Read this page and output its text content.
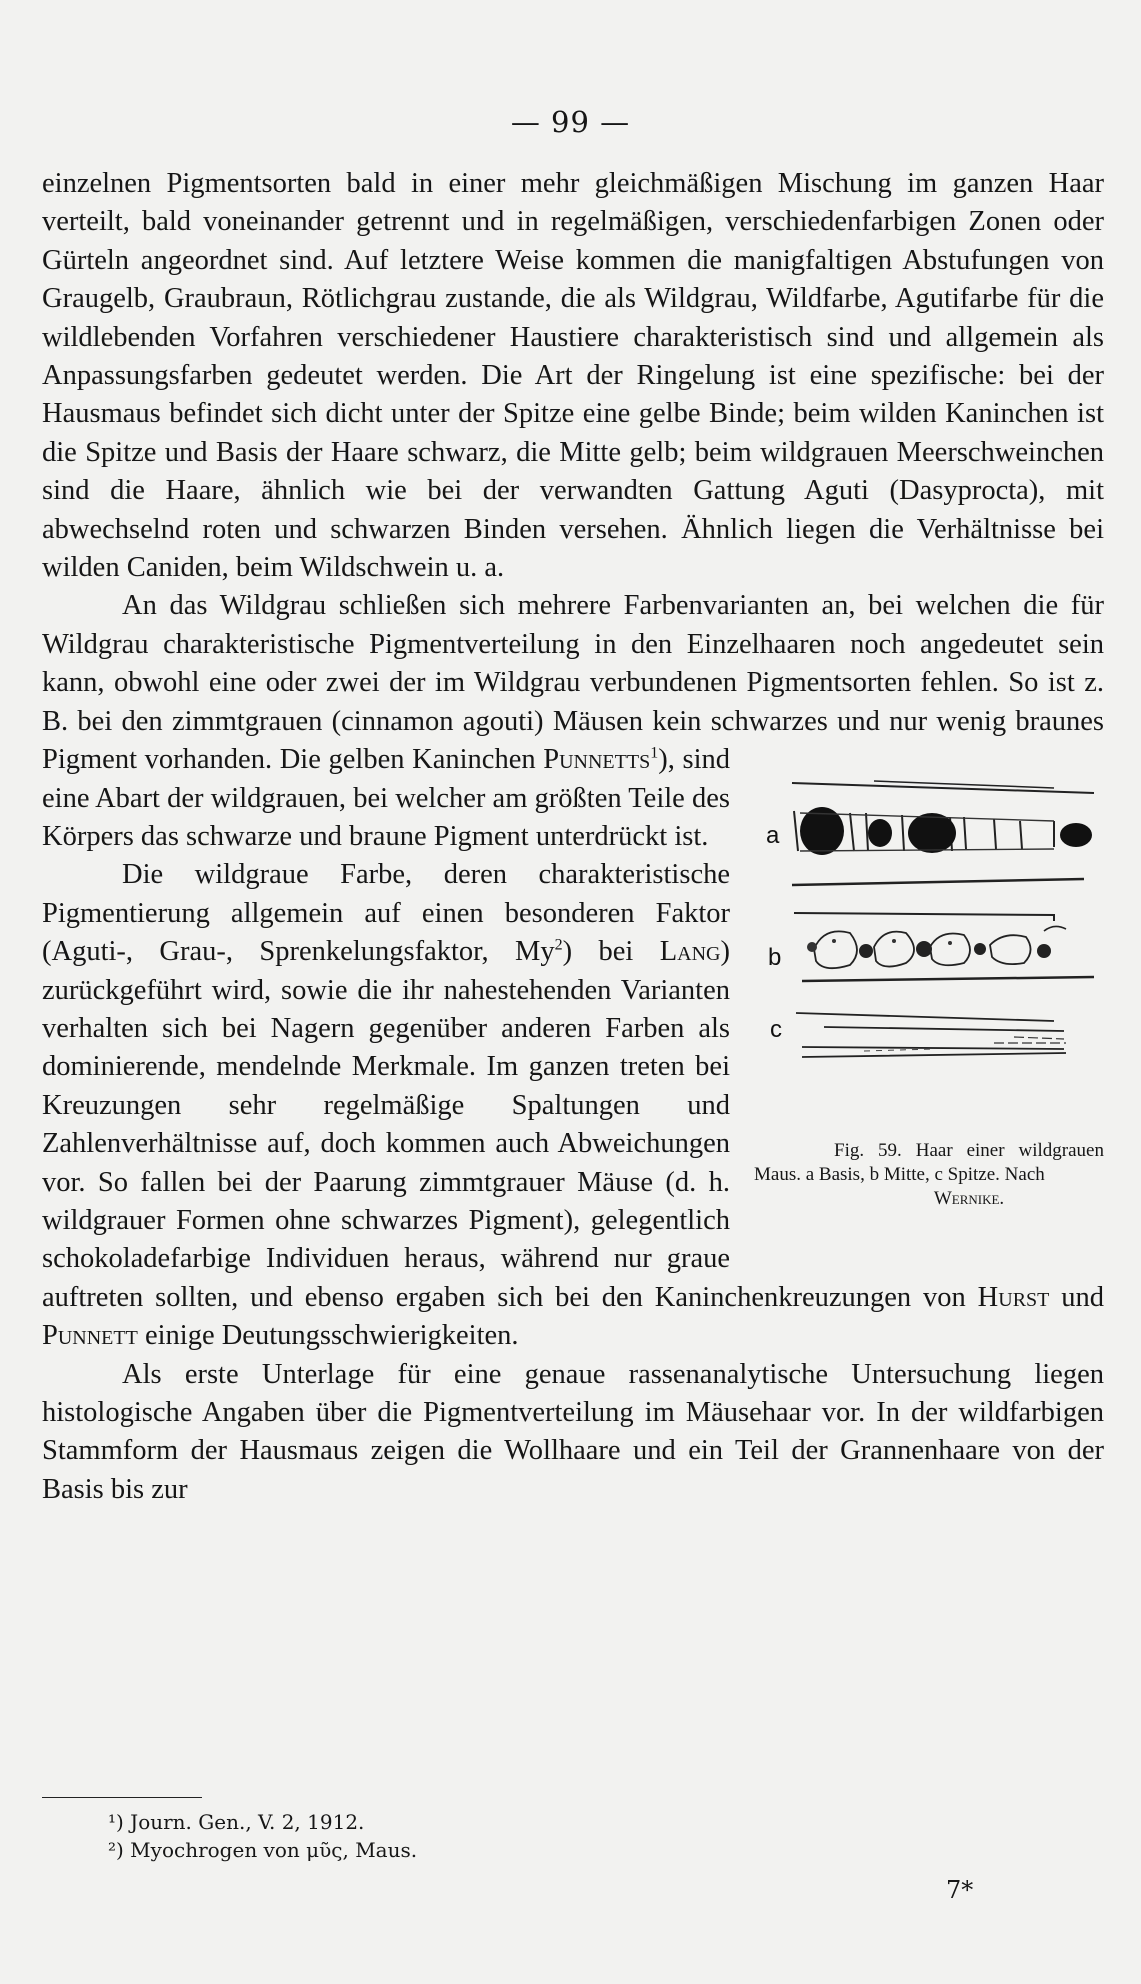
— 99 —

einzelnen Pigmentsorten bald in einer mehr gleichmäßigen Mischung im ganzen Haar verteilt, bald voneinander getrennt und in regelmäßigen, verschiedenfarbigen Zonen oder Gürteln angeordnet sind. Auf letztere Weise kommen die manigfaltigen Abstufungen von Graugelb, Graubraun, Rötlichgrau zustande, die als Wildgrau, Wildfarbe, Agutifarbe für die wildlebenden Vorfahren verschiedener Haustiere charakteristisch sind und allgemein als Anpassungsfarben gedeutet werden. Die Art der Ringelung ist eine spezifische: bei der Hausmaus befindet sich dicht unter der Spitze eine gelbe Binde; beim wilden Kaninchen ist die Spitze und Basis der Haare schwarz, die Mitte gelb; beim wildgrauen Meerschweinchen sind die Haare, ähnlich wie bei der verwandten Gattung Aguti (Dasyprocta), mit abwechselnd roten und schwarzen Binden versehen. Ähnlich liegen die Verhältnisse bei wilden Caniden, beim Wildschwein u. a.

An das Wildgrau schließen sich mehrere Farbenvarianten an, bei welchen die für Wildgrau charakteristische Pigmentverteilung in den Einzelhaaren noch angedeutet sein kann, obwohl eine oder zwei der im Wildgrau verbundenen Pigmentsorten fehlen. So ist z. B. bei den zimmtgrauen (cinnamon agouti) Mäusen kein schwarzes und nur wenig braunes Pigment vorhanden. Die gelben Kaninchen
a
b
c
Fig. 59. Haar einer wildgrauen Maus. a Basis, b Mitte, c Spitze. Nach
Wernike.
Punnetts$^1$), sind eine Abart der wildgrauen, bei welcher am größten Teile des Körpers das schwarze und braune Pigment unterdrückt ist.

Die wildgraue Farbe, deren charakteristische Pigmentierung allgemein auf einen besonderen Faktor (Aguti-, Grau-, Sprenkelungsfaktor, My$^2$) bei Lang) zurückgeführt wird, sowie die ihr nahestehenden Varianten verhalten sich bei Nagern gegenüber anderen Farben als dominierende, mendelnde Merkmale. Im ganzen treten bei Kreuzungen sehr regelmäßige Spaltungen und Zahlenverhältnisse auf, doch kommen auch Abweichungen vor. So fallen bei der Paarung zimmtgrauer Mäuse (d. h. wildgrauer Formen ohne schwarzes Pigment), gelegentlich schokoladefarbige Individuen heraus, während nur graue auftreten sollten, und ebenso ergaben sich bei den Kaninchenkreuzungen von Hurst und Punnett einige Deutungsschwierigkeiten.

Als erste Unterlage für eine genaue rassenanalytische Untersuchung liegen histologische Angaben über die Pigmentverteilung im Mäusehaar vor. In der wildfarbigen Stammform der Hausmaus zeigen die Wollhaare und ein Teil der Grannenhaare von der Basis bis zur

¹) Journ. Gen., V. 2, 1912.
²) Myochrogen von μῦς, Maus.
7*
